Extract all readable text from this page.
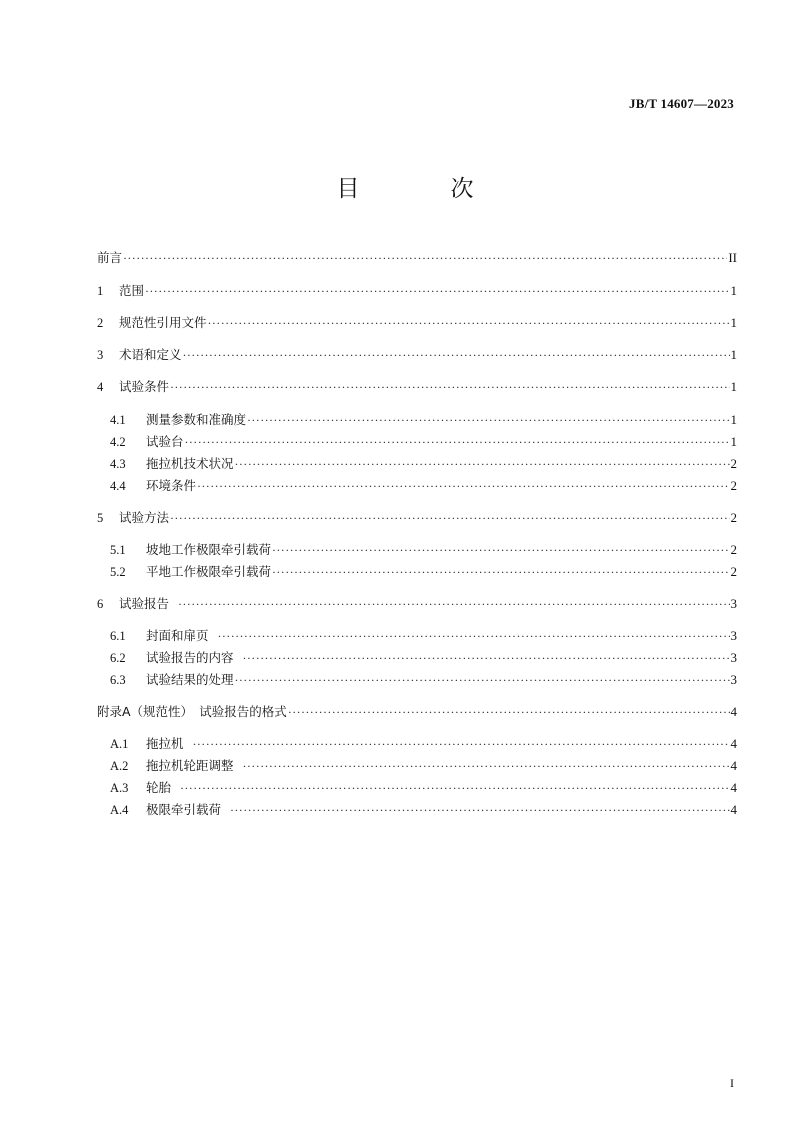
JB/T 14607—2023
目　次
前言 ·····	II
1	范围 ·····	1
2	规范性引用文件 ·····	1
3	术语和定义 ·····	1
4	试验条件 ·····	1
4.1	测量参数和准确度 ·····	1
4.2	试验台 ·····	1
4.3	拖拉机技术状况 ·····	2
4.4	环境条件 ·····	2
5	试验方法 ·····	2
5.1	坡地工作极限牵引载荷 ·····	2
5.2	平地工作极限牵引载荷 ·····	2
6	试验报告 ·····	3
6.1	封面和扉页 ·····	3
6.2	试验报告的内容 ·····	3
6.3	试验结果的处理 ·····	3
附录A（规范性）　试验报告的格式 ·····	4
A.1	拖拉机 ·····	4
A.2	拖拉机轮距调整 ·····	4
A.3	轮胎 ·····	4
A.4	极限牵引载荷 ·····	4
I
